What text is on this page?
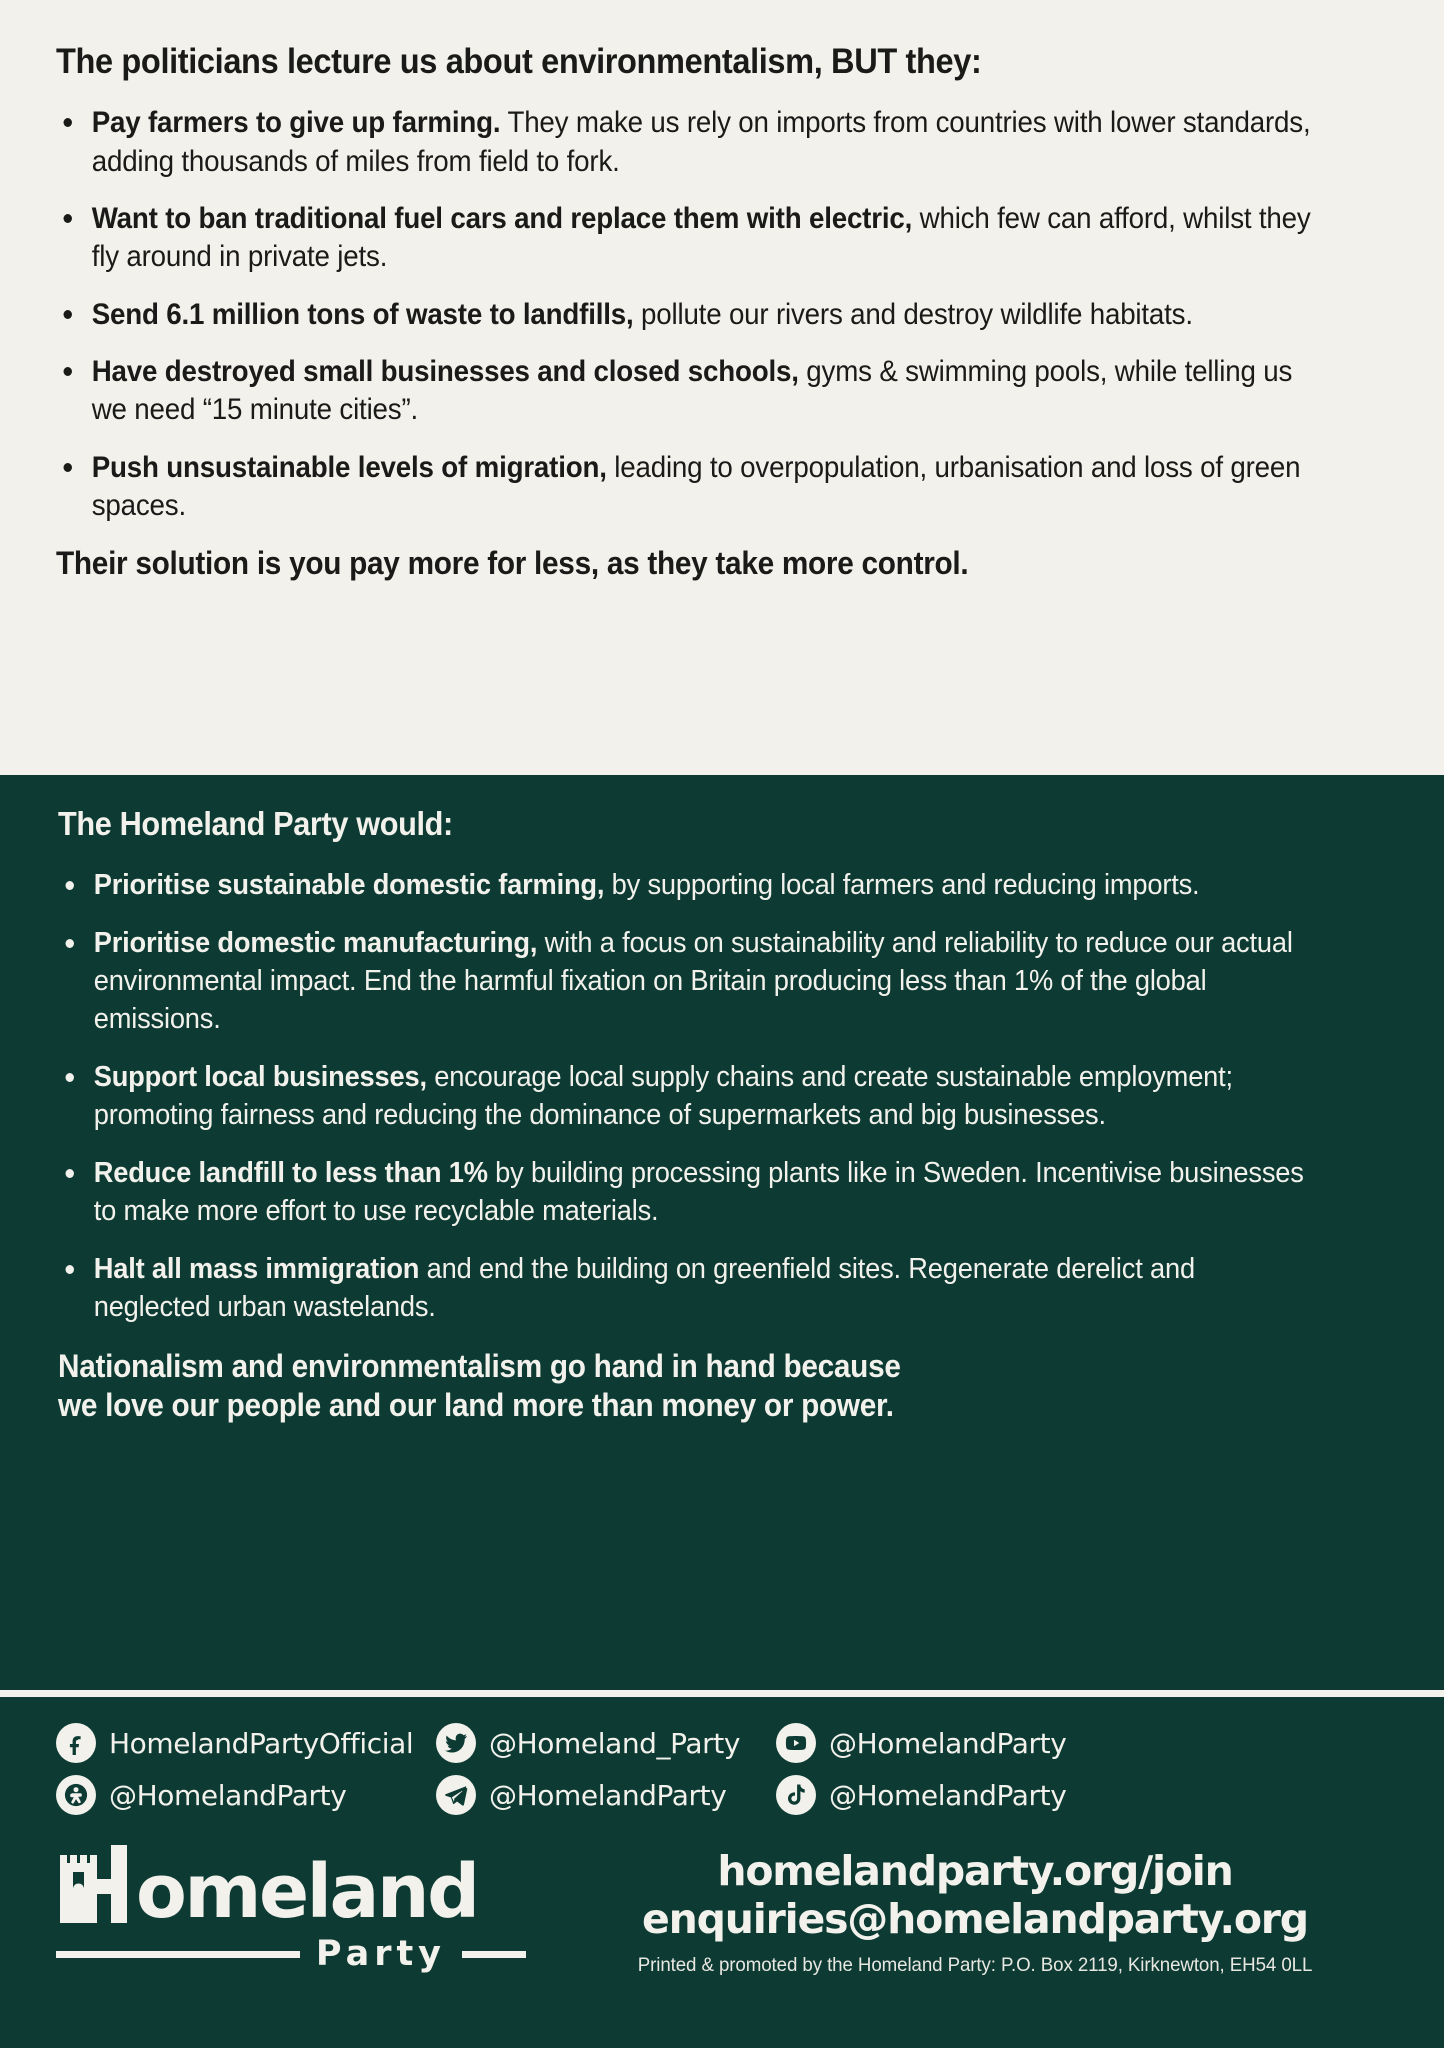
The politicians lecture us about environmentalism, BUT they:
Pay farmers to give up farming. They make us rely on imports from countries with lower standards, adding thousands of miles from field to fork.
Want to ban traditional fuel cars and replace them with electric, which few can afford, whilst they fly around in private jets.
Send 6.1 million tons of waste to landfills, pollute our rivers and destroy wildlife habitats.
Have destroyed small businesses and closed schools, gyms & swimming pools, while telling us we need “15 minute cities”.
Push unsustainable levels of migration, leading to overpopulation, urbanisation and loss of green spaces.

Their solution is you pay more for less, as they take more control.

The Homeland Party would:
Prioritise sustainable domestic farming, by supporting local farmers and reducing imports.
Prioritise domestic manufacturing, with a focus on sustainability and reliability to reduce our actual environmental impact. End the harmful fixation on Britain producing less than 1% of the global emissions.
Support local businesses, encourage local supply chains and create sustainable employment; promoting fairness and reducing the dominance of supermarkets and big businesses.
Reduce landfill to less than 1% by building processing plants like in Sweden. Incentivise businesses to make more effort to use recyclable materials.
Halt all mass immigration and end the building on greenfield sites. Regenerate derelict and neglected urban wastelands.

Nationalism and environmentalism go hand in hand because
we love our people and our land more than money or power.

HomelandPartyOfficial	@Homeland_Party	@HomelandParty
@HomelandParty	@HomelandParty	@HomelandParty
omeland
Party
homelandparty.org/join
enquiries@homelandparty.org
Printed & promoted by the Homeland Party: P.O. Box 2119, Kirknewton, EH54 0LL
